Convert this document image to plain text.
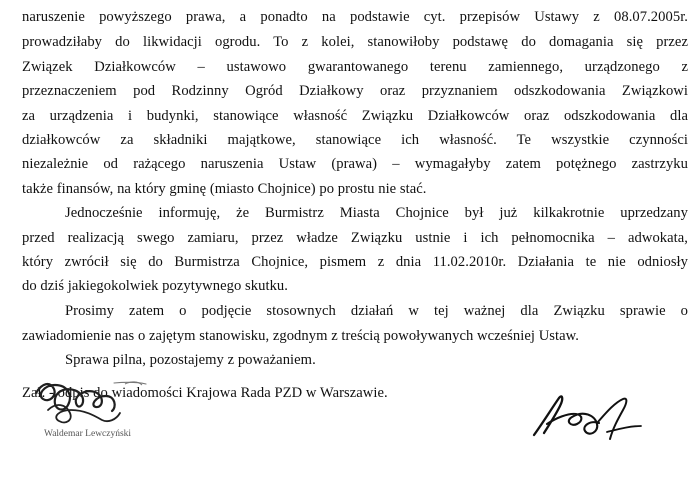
naruszenie powyższego prawa, a ponadto na podstawie cyt. przepisów Ustawy z 08.07.2005r.
prowadziłaby do likwidacji ogrodu. To z kolei, stanowiłoby podstawę do domagania się przez
Związek Działkowców – ustawowo gwarantowanego terenu zamiennego, urządzonego z
przeznaczeniem pod Rodzinny Ogród Działkowy oraz przyznaniem odszkodowania Związkowi
za urządzenia i budynki, stanowiące własność Związku Działkowców oraz odszkodowania dla
działkowców za składniki majątkowe, stanowiące ich własność. Te wszystkie czynności
niezależnie od rażącego naruszenia Ustaw (prawa) – wymagałyby zatem potężnego zastrzyku
także finansów, na który gminę (miasto Chojnice) po prostu nie stać.
Jednocześnie informuję, że Burmistrz Miasta Chojnice był już kilkakrotnie uprzedzany
przed realizacją swego zamiaru, przez władze Związku ustnie i ich pełnomocnika – adwokata,
który zwrócił się do Burmistrza Chojnice, pismem z dnia 11.02.2010r. Działania te nie odniosły
do dziś jakiegokolwiek pozytywnego skutku.
Prosimy zatem o podjęcie stosownych działań w tej ważnej dla Związku sprawie o
zawiadomienie nas o zajętym stanowisku, zgodnym z treścią powoływanych wcześniej Ustaw.
Sprawa pilna, pozostajemy z poważaniem.
Zał. - odpis do wiadomości Krajowa Rada PZD w Warszawie.
Waldemar Lewczyński
